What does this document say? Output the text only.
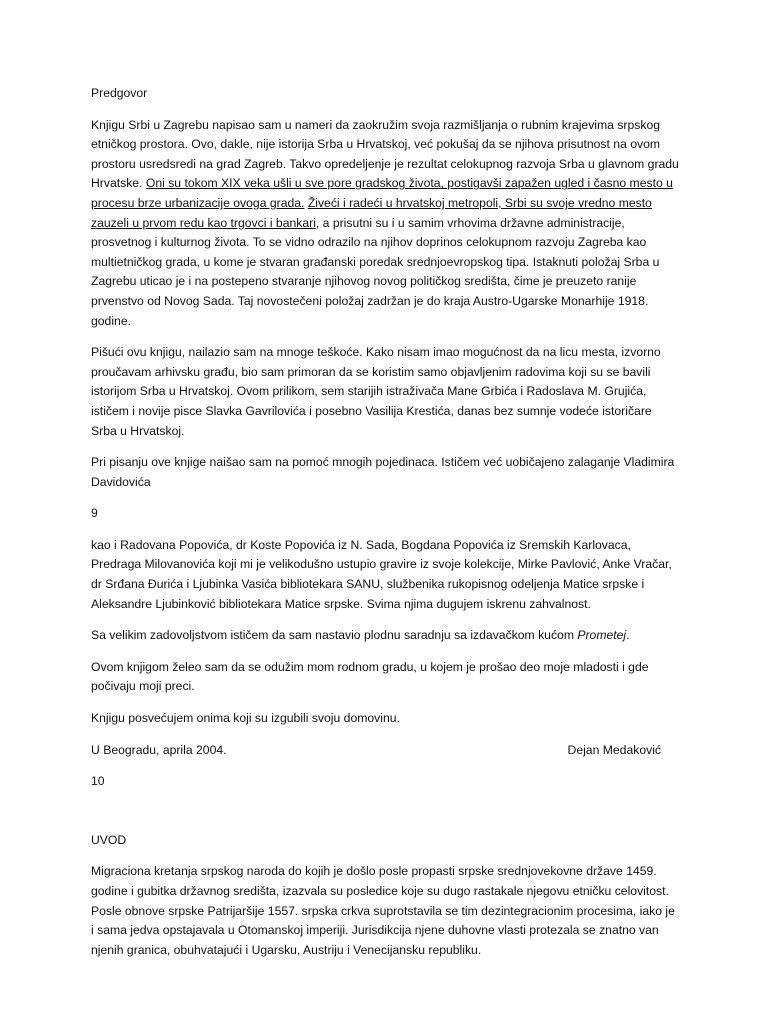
Predgovor

Knjigu Srbi u Zagrebu napisao sam u nameri da zaokružim svoja razmišljanja o rubnim krajevima srpskog etničkog prostora. Ovo, dakle, nije istorija Srba u Hrvatskoj, već pokušaj da se njihova prisutnost na ovom prostoru usredsredi na grad Zagreb. Takvo opredeljenje je rezultat celokupnog razvoja Srba u glavnom gradu Hrvatske. Oni su tokom XIX veka ušli u sve pore gradskog života, postigavši zapažen ugled i časno mesto u procesu brze urbanizacije ovoga grada. Živeći i radeći u hrvatskoj metropoli, Srbi su svoje vredno mesto zauzeli u prvom redu kao trgovci i bankari, a prisutni su i u samim vrhovima državne administracije, prosvetnog i kulturnog života. To se vidno odrazilo na njihov doprinos celokupnom razvoju Zagreba kao multietničkog grada, u kome je stvaran građanski poredak srednjoevropskog tipa. Istaknuti položaj Srba u Zagrebu uticao je i na postepeno stvaranje njihovog novog političkog središta, čime je preuzeto ranije prvenstvo od Novog Sada. Taj novostečeni položaj zadržan je do kraja Austro-Ugarske Monarhije 1918. godine.

Pišući ovu knjigu, nailazio sam na mnoge teškoće. Kako nisam imao mogućnost da na licu mesta, izvorno proučavam arhivsku građu, bio sam primoran da se koristim samo objavljenim radovima koji su se bavili istorijom Srba u Hrvatskoj. Ovom prilikom, sem starijih istraživača Mane Grbića i Radoslava M. Grujića, ističem i novije pisce Slavka Gavrilovića i posebno Vasilija Krestića, danas bez sumnje vodeće istoričare Srba u Hrvatskoj.

Pri pisanju ove knjige naišao sam na pomoć mnogih pojedinaca. Ističem već uobičajeno zalaganje Vladimira Davidovića

9

kao i Radovana Popovića, dr Koste Popovića iz N. Sada, Bogdana Popovića iz Sremskih Karlovaca, Predraga Milovanovića koji mi je velikodušno ustupio gravire iz svoje kolekcije, Mirke Pavlović, Anke Vračar, dr Srđana Đurića i Ljubinka Vasića bibliotekara SANU, službenika rukopisnog odeljenja Matice srpske i Aleksandre Ljubinković bibliotekara Matice srpske. Svima njima dugujem iskrenu zahvalnost.

Sa velikim zadovoljstvom ističem da sam nastavio plodnu saradnju sa izdavačkom kućom Prometej.

Ovom knjigom želeo sam da se odužim mom rodnom gradu, u kojem je prošao deo moje mladosti i gde počivaju moji preci.

Knjigu posvećujem onima koji su izgubili svoju domovinu.

U Beogradu, aprila 2004.	Dejan Medaković

10

UVOD

Migraciona kretanja srpskog naroda do kojih je došlo posle propasti srpske srednjovekovne države 1459. godine i gubitka državnog središta, izazvala su posledice koje su dugo rastakale njegovu etničku celovitost. Posle obnove srpske Patrijaršije 1557. srpska crkva suprotstavila se tim dezintegracionim procesima, iako je i sama jedva opstajavala u Otomanskoj imperiji. Jurisdikcija njene duhovne vlasti protezala se znatno van njenih granica, obuhvatajući i Ugarsku, Austriju i Venecijansku republiku.
